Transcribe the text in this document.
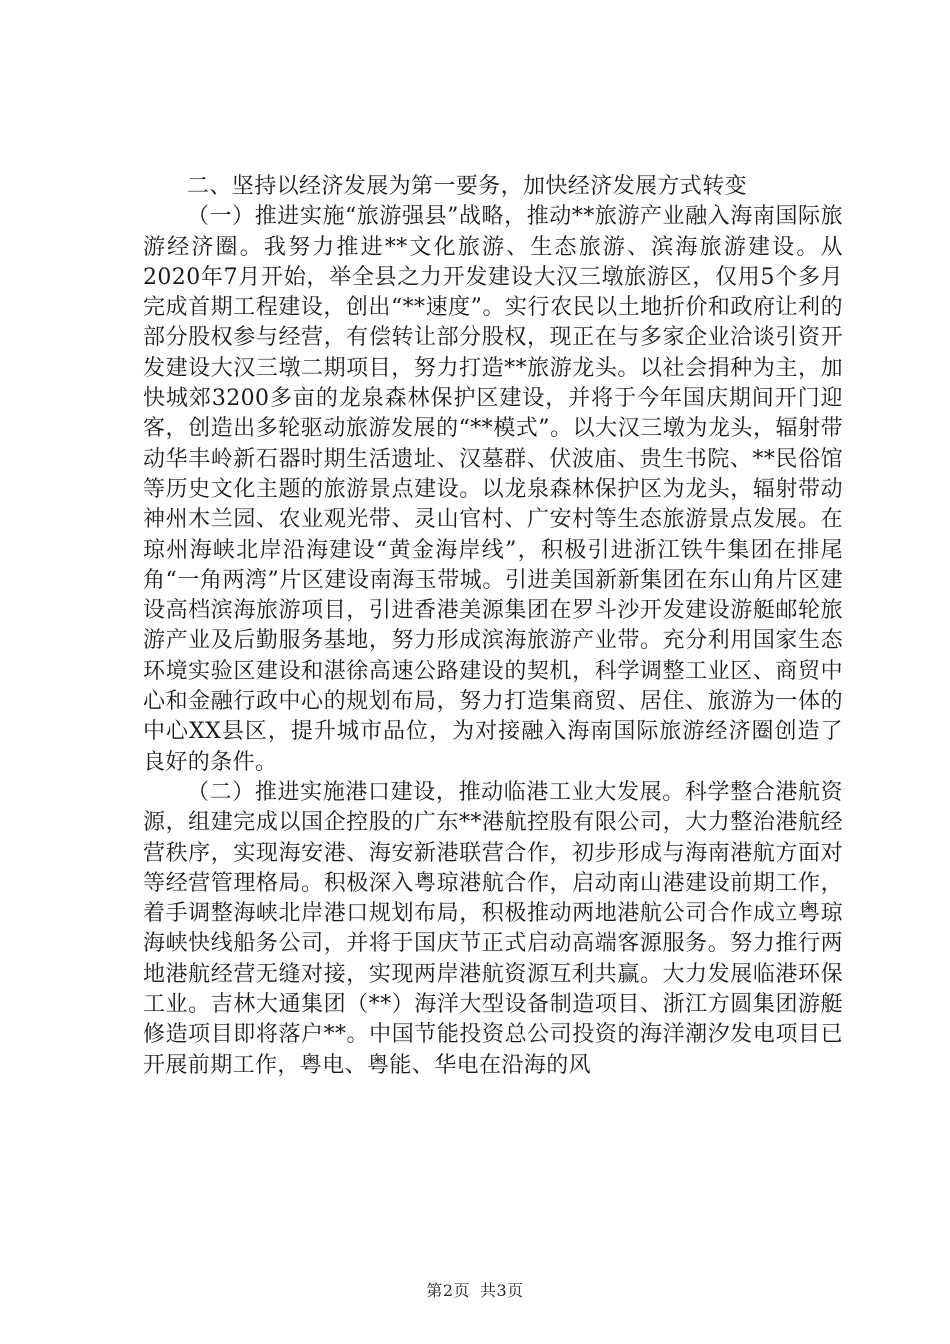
二、坚持以经济发展为第一要务，加快经济发展方式转变

（一）推进实施“旅游强县”战略，推动**旅游产业融入海南国际旅游经济圈。我努力推进**文化旅游、生态旅游、滨海旅游建设。从2020年7月开始，举全县之力开发建设大汉三墩旅游区，仅用5个多月完成首期工程建设，创出“**速度”。实行农民以土地折价和政府让利的部分股权参与经营，有偿转让部分股权，现正在与多家企业洽谈引资开发建设大汉三墩二期项目，努力打造**旅游龙头。以社会捐种为主，加快城郊3200多亩的龙泉森林保护区建设，并将于今年国庆期间开门迎客，创造出多轮驱动旅游发展的“**模式”。以大汉三墩为龙头，辐射带动华丰岭新石器时期生活遗址、汉墓群、伏波庙、贵生书院、**民俗馆等历史文化主题的旅游景点建设。以龙泉森林保护区为龙头，辐射带动神州木兰园、农业观光带、灵山官村、广安村等生态旅游景点发展。在琼州海峡北岸沿海建设“黄金海岸线”，积极引进浙江铁牛集团在排尾角“一角两湾”片区建设南海玉带城。引进美国新新集团在东山角片区建设高档滨海旅游项目，引进香港美源集团在罗斗沙开发建设游艇邮轮旅游产业及后勤服务基地，努力形成滨海旅游产业带。充分利用国家生态环境实验区建设和湛徐高速公路建设的契机，科学调整工业区、商贸中心和金融行政中心的规划布局，努力打造集商贸、居住、旅游为一体的中心XX县区，提升城市品位，为对接融入海南国际旅游经济圈创造了良好的条件。

（二）推进实施港口建设，推动临港工业大发展。科学整合港航资源，组建完成以国企控股的广东**港航控股有限公司，大力整治港航经营秩序，实现海安港、海安新港联营合作，初步形成与海南港航方面对等经营管理格局。积极深入粤琼港航合作，启动南山港建设前期工作，着手调整海峡北岸港口规划布局，积极推动两地港航公司合作成立粤琼海峡快线船务公司，并将于国庆节正式启动高端客源服务。努力推行两地港航经营无缝对接，实现两岸港航资源互利共赢。大力发展临港环保工业。吉林大通集团（**）海洋大型设备制造项目、浙江方圆集团游艇修造项目即将落户**。中国节能投资总公司投资的海洋潮汐发电项目已开展前期工作，粤电、粤能、华电在沿海的风

第2页 共3页
